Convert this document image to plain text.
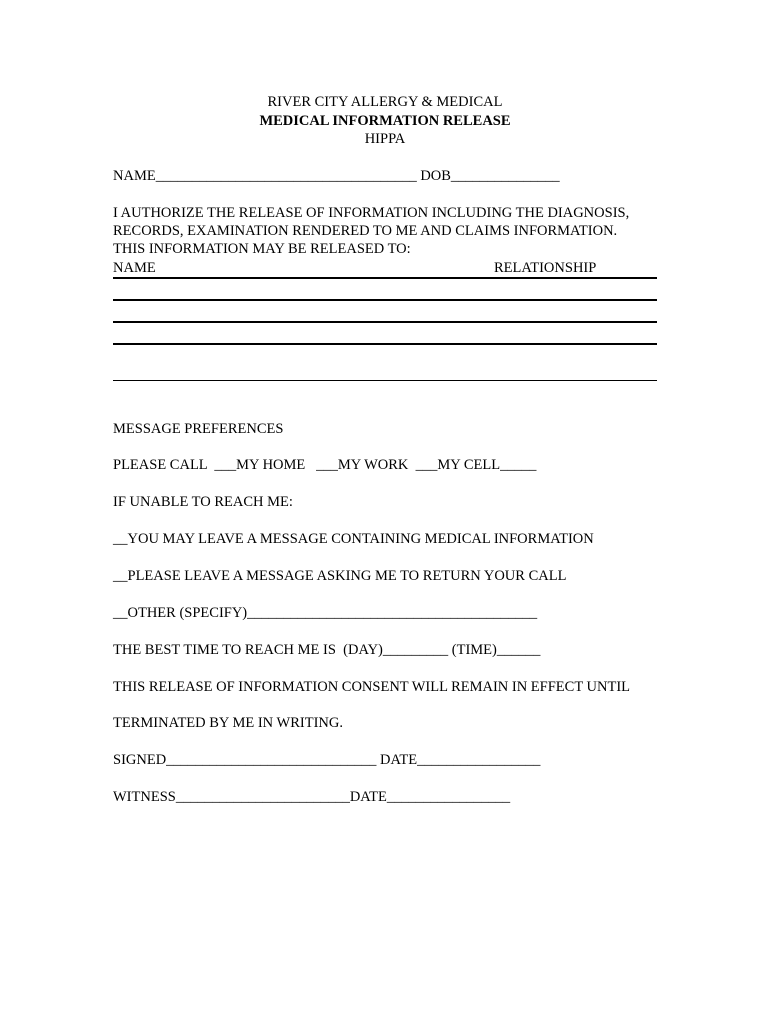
RIVER CITY ALLERGY & MEDICAL
MEDICAL INFORMATION RELEASE
HIPPA
NAME____________________________________ DOB_______________
I AUTHORIZE THE RELEASE OF INFORMATION INCLUDING THE DIAGNOSIS,
RECORDS, EXAMINATION RENDERED TO ME AND CLAIMS INFORMATION.
THIS INFORMATION MAY BE RELEASED TO:
NAME	RELATIONSHIP
MESSAGE PREFERENCES
PLEASE CALL  ___MY HOME   ___MY WORK  ___MY CELL_____
IF UNABLE TO REACH ME:
__YOU MAY LEAVE A MESSAGE CONTAINING MEDICAL INFORMATION
__PLEASE LEAVE A MESSAGE ASKING ME TO RETURN YOUR CALL
__OTHER (SPECIFY)________________________________________
THE BEST TIME TO REACH ME IS  (DAY)_________ (TIME)______
THIS RELEASE OF INFORMATION CONSENT WILL REMAIN IN EFFECT UNTIL
TERMINATED BY ME IN WRITING.
SIGNED_____________________________ DATE_________________
WITNESS________________________DATE_________________
